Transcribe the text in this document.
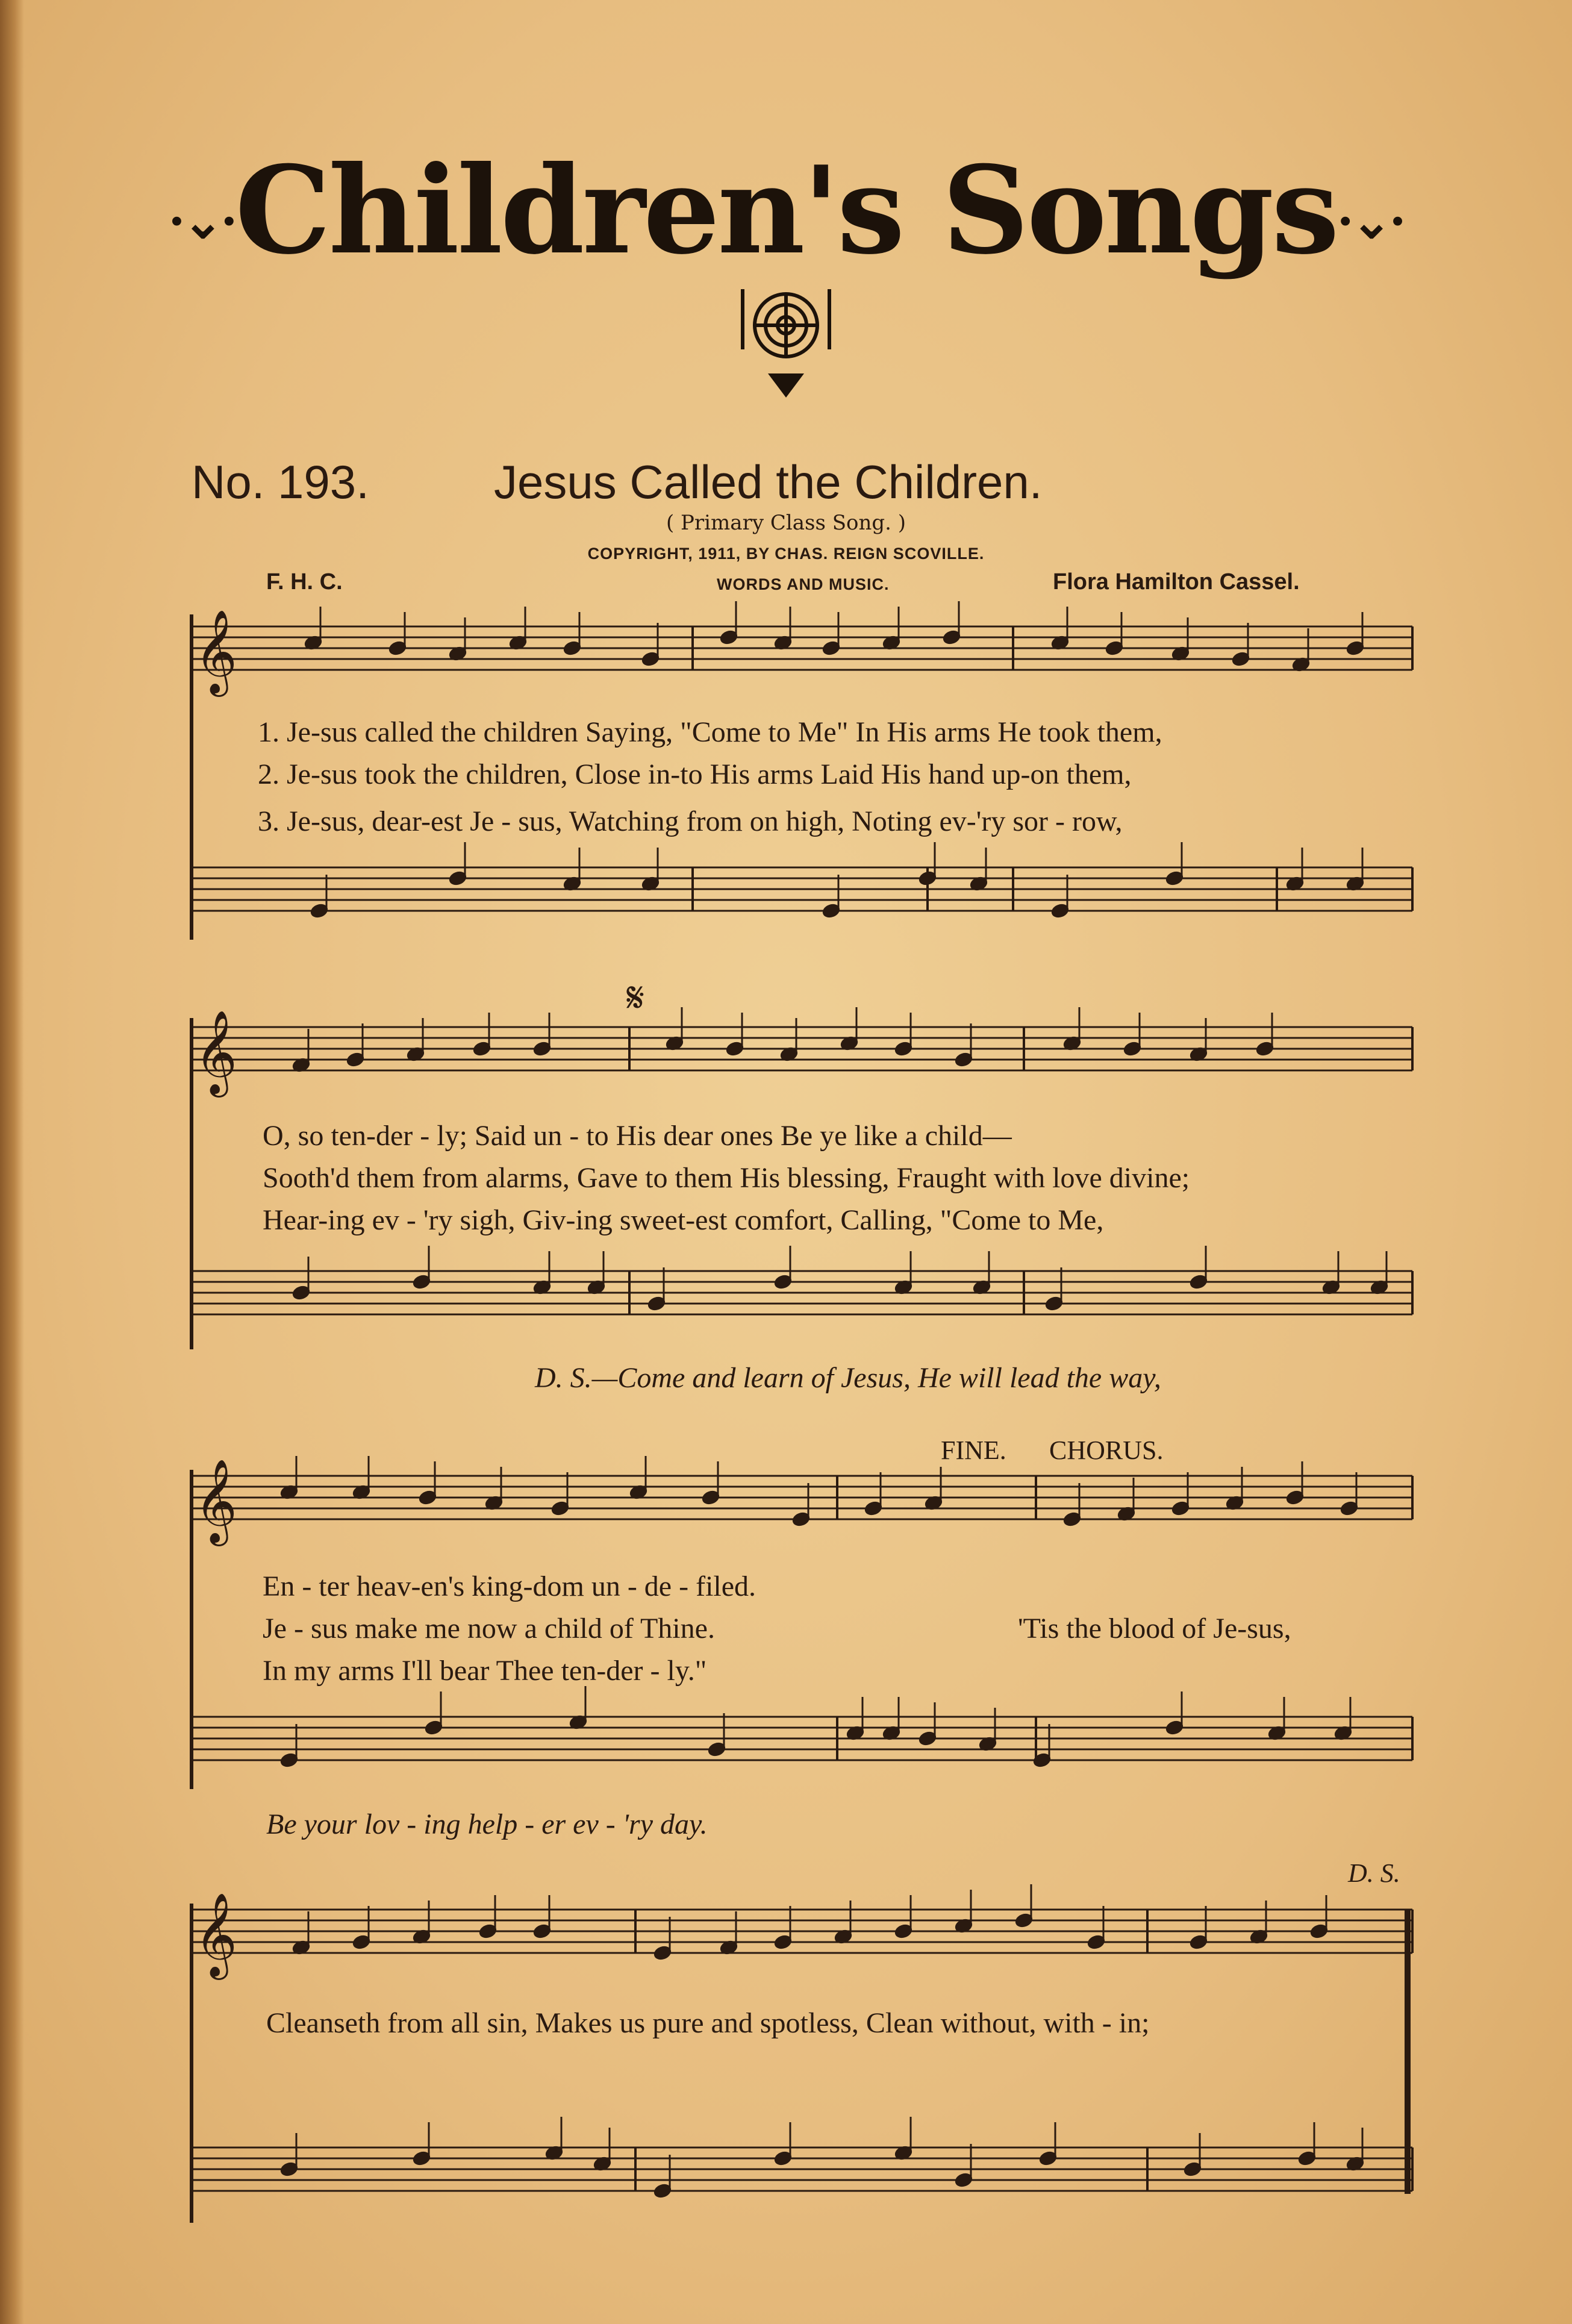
·⌄·Children's Songs·⌄·
No. 193.	Jesus Called the Children.
( Primary Class Song. )
COPYRIGHT, 1911, BY CHAS. REIGN SCOVILLE.
F. H. C.	WORDS AND MUSIC.	Flora Hamilton Cassel.
𝄞
𝄞
𝄞
𝄞
𝄋
1. Je-sus called the children Saying, "Come to Me" In His arms He took them,
2. Je-sus took the children, Close in-to His arms Laid His hand up-on them,
3. Je-sus, dear-est Je - sus, Watching from on high, Noting ev-'ry sor - row,
O, so ten-der - ly; Said un - to His dear ones Be ye like a child—
Sooth'd them from alarms, Gave to them His blessing, Fraught with love divine;
Hear-ing ev - 'ry sigh, Giv-ing sweet-est comfort, Calling, "Come to Me,
D. S.—Come and learn of Jesus, He will lead the way,
FINE. CHORUS.
En - ter heav-en's king-dom un - de - filed.
Je - sus make me now a child of Thine.
In my arms I'll bear Thee ten-der - ly."
'Tis the blood of Je-sus,
Be your lov - ing help - er ev - 'ry day.
D. S.
Cleanseth from all sin, Makes us pure and spotless, Clean without, with - in;
